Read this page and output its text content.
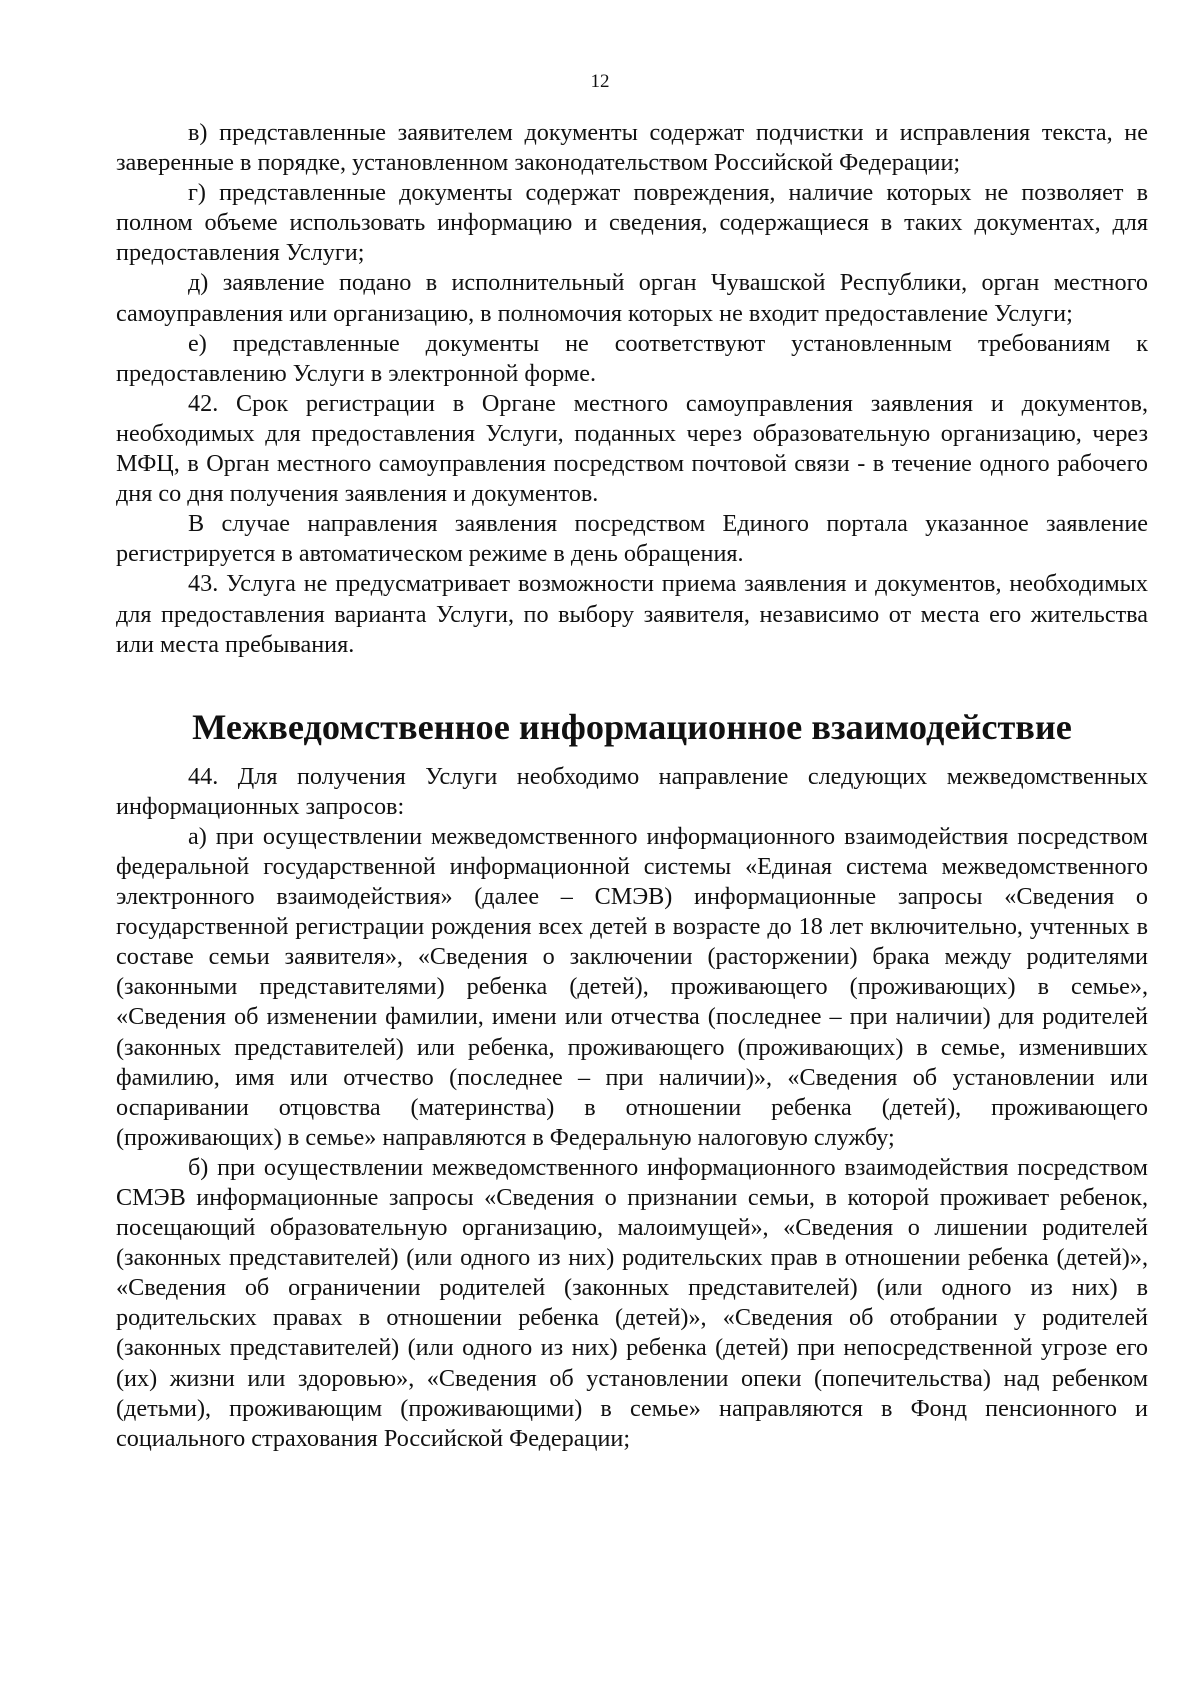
12

в) представленные заявителем документы содержат подчистки и исправления текста, не заверенные в порядке, установленном законодательством Российской Федерации;

г) представленные документы содержат повреждения, наличие которых не позволяет в полном объеме использовать информацию и сведения, содержащиеся в таких документах, для предоставления Услуги;

д) заявление подано в исполнительный орган Чувашской Республики, орган местного самоуправления или организацию, в полномочия которых не входит предоставление Услуги;

е) представленные документы не соответствуют установленным требованиям к предоставлению Услуги в электронной форме.

42. Срок регистрации в Органе местного самоуправления заявления и документов, необходимых для предоставления Услуги, поданных через образовательную организацию, через МФЦ, в Орган местного самоуправления посредством почтовой связи - в течение одного рабочего дня со дня получения заявления и документов.

В случае направления заявления посредством Единого портала указанное заявление регистрируется в автоматическом режиме в день обращения.

43. Услуга не предусматривает возможности приема заявления и документов, необходимых для предоставления варианта Услуги, по выбору заявителя, независимо от места его жительства или места пребывания.

Межведомственное информационное взаимодействие

44. Для получения Услуги необходимо направление следующих межведомственных информационных запросов:

а) при осуществлении межведомственного информационного взаимодействия посредством федеральной государственной информационной системы «Единая система межведомственного электронного взаимодействия» (далее – СМЭВ) информационные запросы «Сведения о государственной регистрации рождения всех детей в возрасте до 18 лет включительно, учтенных в составе семьи заявителя», «Сведения о заключении (расторжении) брака между родителями (законными представителями) ребенка (детей), проживающего (проживающих) в семье», «Сведения об изменении фамилии, имени или отчества (последнее – при наличии) для родителей (законных представителей) или ребенка, проживающего (проживающих) в семье, изменивших фамилию, имя или отчество (последнее – при наличии)», «Сведения об установлении или оспаривании отцовства (материнства) в отношении ребенка (детей), проживающего (проживающих) в семье» направляются в Федеральную налоговую службу;

б) при осуществлении межведомственного информационного взаимодействия посредством СМЭВ информационные запросы «Сведения о признании семьи, в которой проживает ребенок, посещающий образовательную организацию, малоимущей», «Сведения о лишении родителей (законных представителей) (или одного из них) родительских прав в отношении ребенка (детей)», «Сведения об ограничении родителей (законных представителей) (или одного из них) в родительских правах в отношении ребенка (детей)», «Сведения об отобрании у родителей (законных представителей) (или одного из них) ребенка (детей) при непосредственной угрозе его (их) жизни или здоровью», «Сведения об установлении опеки (попечительства) над ребенком (детьми), проживающим (проживающими) в семье» направляются в Фонд пенсионного и социального страхования Российской Федерации;
